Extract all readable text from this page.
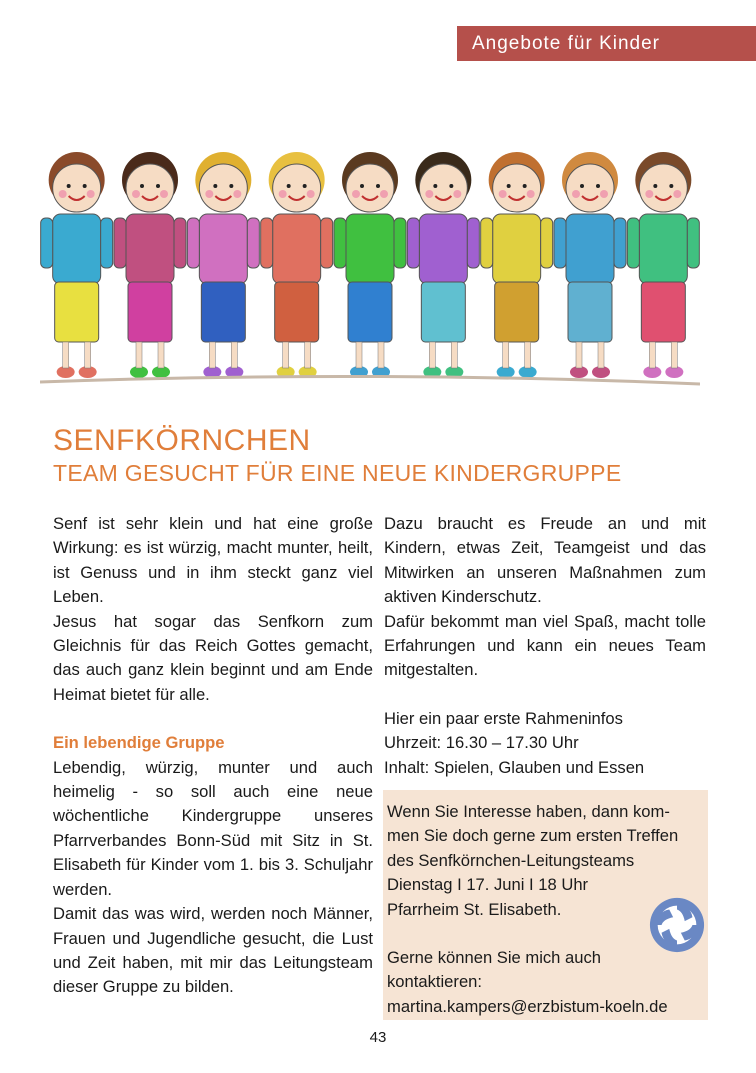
Angebote für Kinder
SENFKÖRNCHEN
TEAM GESUCHT FÜR EINE NEUE KINDERGRUPPE

Senf ist sehr klein und hat eine große Wirkung: es ist würzig, macht munter, heilt, ist Genuss und in ihm steckt ganz viel Leben.

Jesus hat sogar das Senfkorn zum Gleichnis für das Reich Gottes gemacht, das auch ganz klein beginnt und am Ende Heimat bietet für alle.

Ein lebendige Gruppe

Lebendig, würzig, munter und auch heimelig - so soll auch eine neue wöchentliche Kindergruppe unseres Pfarrverbandes Bonn-Süd mit Sitz in St. Elisabeth für Kinder vom 1. bis 3. Schuljahr werden.

Damit das was wird, werden noch Männer, Frauen und Jugendliche gesucht, die Lust und Zeit haben, mit mir das Leitungsteam dieser Gruppe zu bilden.

Dazu braucht es Freude an und mit Kindern, etwas Zeit, Teamgeist und das Mitwirken an unseren Maßnahmen zum aktiven Kinderschutz.

Dafür bekommt man viel Spaß, macht tolle Erfahrungen und kann ein neues Team mitgestalten.

Hier ein paar erste Rahmeninfos

Uhrzeit: 16.30 – 17.30 Uhr

Inhalt: Spielen, Glauben und Essen

Wenn Sie Interesse haben, dann kom-

men Sie doch gerne zum ersten Treffen

des Senfkörnchen-Leitungsteams

Dienstag I 17. Juni I 18 Uhr

Pfarrheim St. Elisabeth.

Gerne können Sie mich auch

kontaktieren:

martina.kampers@erzbistum-koeln.de

43
